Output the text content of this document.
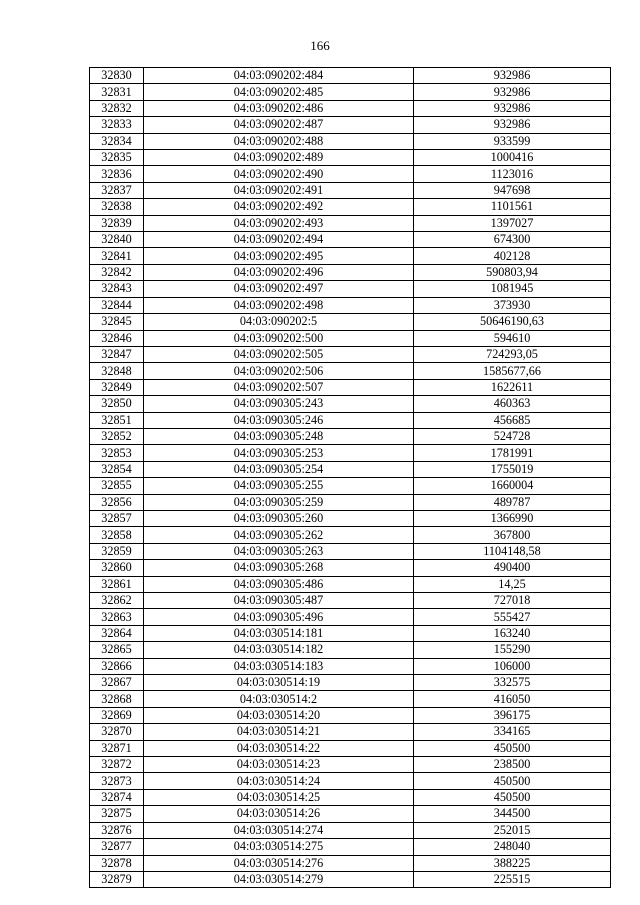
166
32830	04:03:090202:484	932986
32831	04:03:090202:485	932986
32832	04:03:090202:486	932986
32833	04:03:090202:487	932986
32834	04:03:090202:488	933599
32835	04:03:090202:489	1000416
32836	04:03:090202:490	1123016
32837	04:03:090202:491	947698
32838	04:03:090202:492	1101561
32839	04:03:090202:493	1397027
32840	04:03:090202:494	674300
32841	04:03:090202:495	402128
32842	04:03:090202:496	590803,94
32843	04:03:090202:497	1081945
32844	04:03:090202:498	373930
32845	04:03:090202:5	50646190,63
32846	04:03:090202:500	594610
32847	04:03:090202:505	724293,05
32848	04:03:090202:506	1585677,66
32849	04:03:090202:507	1622611
32850	04:03:090305:243	460363
32851	04:03:090305:246	456685
32852	04:03:090305:248	524728
32853	04:03:090305:253	1781991
32854	04:03:090305:254	1755019
32855	04:03:090305:255	1660004
32856	04:03:090305:259	489787
32857	04:03:090305:260	1366990
32858	04:03:090305:262	367800
32859	04:03:090305:263	1104148,58
32860	04:03:090305:268	490400
32861	04:03:090305:486	14,25
32862	04:03:090305:487	727018
32863	04:03:090305:496	555427
32864	04:03:030514:181	163240
32865	04:03:030514:182	155290
32866	04:03:030514:183	106000
32867	04:03:030514:19	332575
32868	04:03:030514:2	416050
32869	04:03:030514:20	396175
32870	04:03:030514:21	334165
32871	04:03:030514:22	450500
32872	04:03:030514:23	238500
32873	04:03:030514:24	450500
32874	04:03:030514:25	450500
32875	04:03:030514:26	344500
32876	04:03:030514:274	252015
32877	04:03:030514:275	248040
32878	04:03:030514:276	388225
32879	04:03:030514:279	225515
